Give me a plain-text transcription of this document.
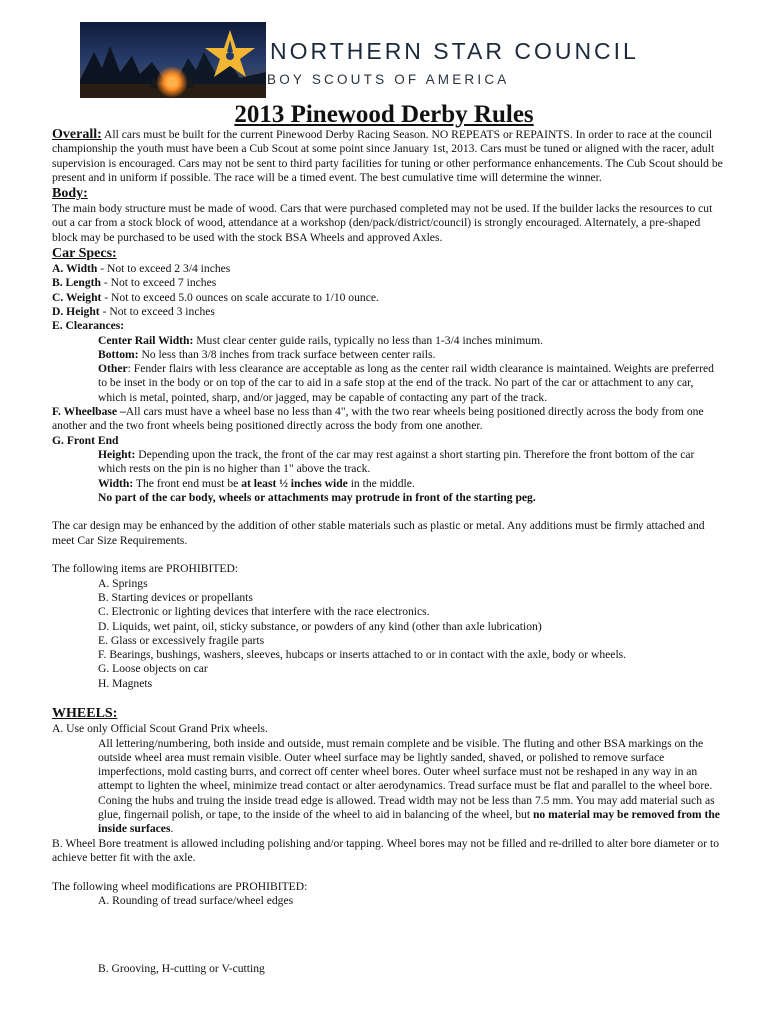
NORTHERN STAR COUNCIL
BOY SCOUTS OF AMERICA
2013 Pinewood Derby Rules

Overall: All cars must be built for the current Pinewood Derby Racing Season. NO REPEATS or REPAINTS. In order to race at the council championship the youth must have been a Cub Scout at some point since January 1st, 2013. Cars must be tuned or aligned with the racer, adult supervision is encouraged. Cars may not be sent to third party facilities for tuning or other performance enhancements. The Cub Scout should be present and in uniform if possible. The race will be a timed event. The best cumulative time will determine the winner.

Body:

The main body structure must be made of wood. Cars that were purchased completed may not be used. If the builder lacks the resources to cut out a car from a stock block of wood, attendance at a workshop (den/pack/district/council) is strongly encouraged. Alternately, a pre-shaped block may be purchased to be used with the stock BSA Wheels and approved Axles.

Car Specs:

A. Width - Not to exceed 2 3/4 inches

B. Length - Not to exceed 7 inches

C. Weight - Not to exceed 5.0 ounces on scale accurate to 1/10 ounce.

D. Height - Not to exceed 3 inches

E. Clearances:

Center Rail Width: Must clear center guide rails, typically no less than 1-3/4 inches minimum.

Bottom: No less than 3/8 inches from track surface between center rails.

Other: Fender flairs with less clearance are acceptable as long as the center rail width clearance is maintained. Weights are preferred to be inset in the body or on top of the car to aid in a safe stop at the end of the track. No part of the car or attachment to any car, which is metal, pointed, sharp, and/or jagged, may be capable of contacting any part of the track.

F. Wheelbase –All cars must have a wheel base no less than 4", with the two rear wheels being positioned directly across the body from one another and the two front wheels being positioned directly across the body from one another.

G. Front End

Height: Depending upon the track, the front of the car may rest against a short starting pin. Therefore the front bottom of the car which rests on the pin is no higher than 1" above the track.

Width: The front end must be at least ½ inches wide in the middle.

No part of the car body, wheels or attachments may protrude in front of the starting peg.

The car design may be enhanced by the addition of other stable materials such as plastic or metal. Any additions must be firmly attached and meet Car Size Requirements.

The following items are PROHIBITED:

A. Springs

B. Starting devices or propellants

C. Electronic or lighting devices that interfere with the race electronics.

D. Liquids, wet paint, oil, sticky substance, or powders of any kind (other than axle lubrication)

E. Glass or excessively fragile parts

F. Bearings, bushings, washers, sleeves, hubcaps or inserts attached to or in contact with the axle, body or wheels.

G. Loose objects on car

H. Magnets

WHEELS:

A. Use only Official Scout Grand Prix wheels.

All lettering/numbering, both inside and outside, must remain complete and be visible. The fluting and other BSA markings on the outside wheel area must remain visible. Outer wheel surface may be lightly sanded, shaved, or polished to remove surface imperfections, mold casting burrs, and correct off center wheel bores. Outer wheel surface must not be reshaped in any way in an attempt to lighten the wheel, minimize tread contact or alter aerodynamics. Tread surface must be flat and parallel to the wheel bore. Coning the hubs and truing the inside tread edge is allowed. Tread width may not be less than 7.5 mm. You may add material such as glue, fingernail polish, or tape, to the inside of the wheel to aid in balancing of the wheel, but no material may be removed from the inside surfaces.

B. Wheel Bore treatment is allowed including polishing and/or tapping. Wheel bores may not be filled and re-drilled to alter bore diameter or to achieve better fit with the axle.

The following wheel modifications are PROHIBITED:

A. Rounding of tread surface/wheel edges

B. Grooving, H-cutting or V-cutting
